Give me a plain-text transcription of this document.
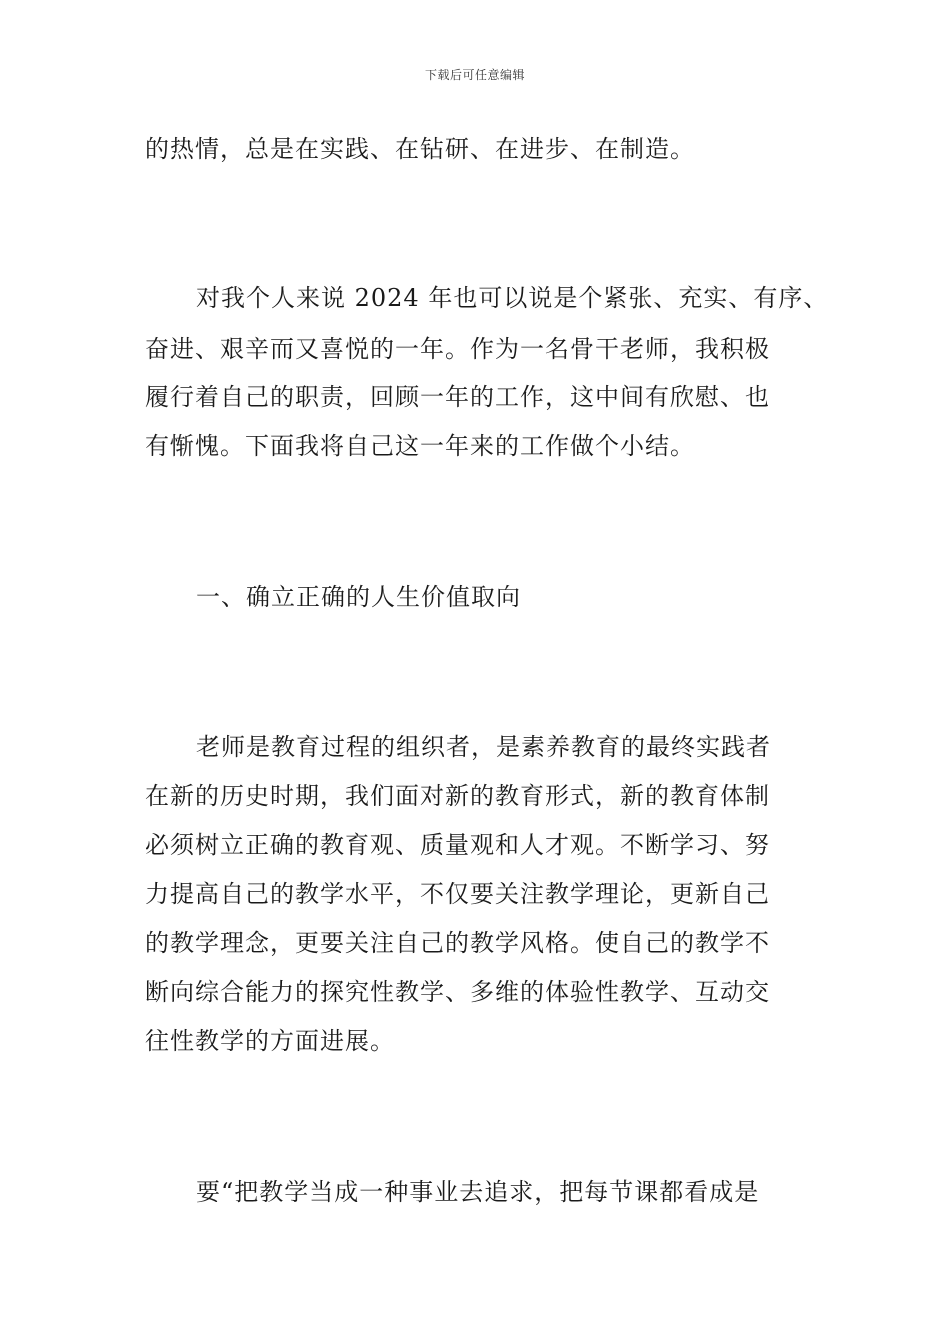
下载后可任意编辑
的热情，总是在实践、在钻研、在进步、在制造。
对我个人来说 2024 年也可以说是个紧张、充实、有序、
奋进、艰辛而又喜悦的一年。作为一名骨干老师，我积极
履行着自己的职责，回顾一年的工作，这中间有欣慰、也
有惭愧。下面我将自己这一年来的工作做个小结。
一、确立正确的人生价值取向
老师是教育过程的组织者，是素养教育的最终实践者
在新的历史时期，我们面对新的教育形式，新的教育体制
必须树立正确的教育观、质量观和人才观。不断学习、努
力提高自己的教学水平，不仅要关注教学理论，更新自己
的教学理念，更要关注自己的教学风格。使自己的教学不
断向综合能力的探究性教学、多维的体验性教学、互动交
往性教学的方面进展。
要“把教学当成一种事业去追求，把每节课都看成是
